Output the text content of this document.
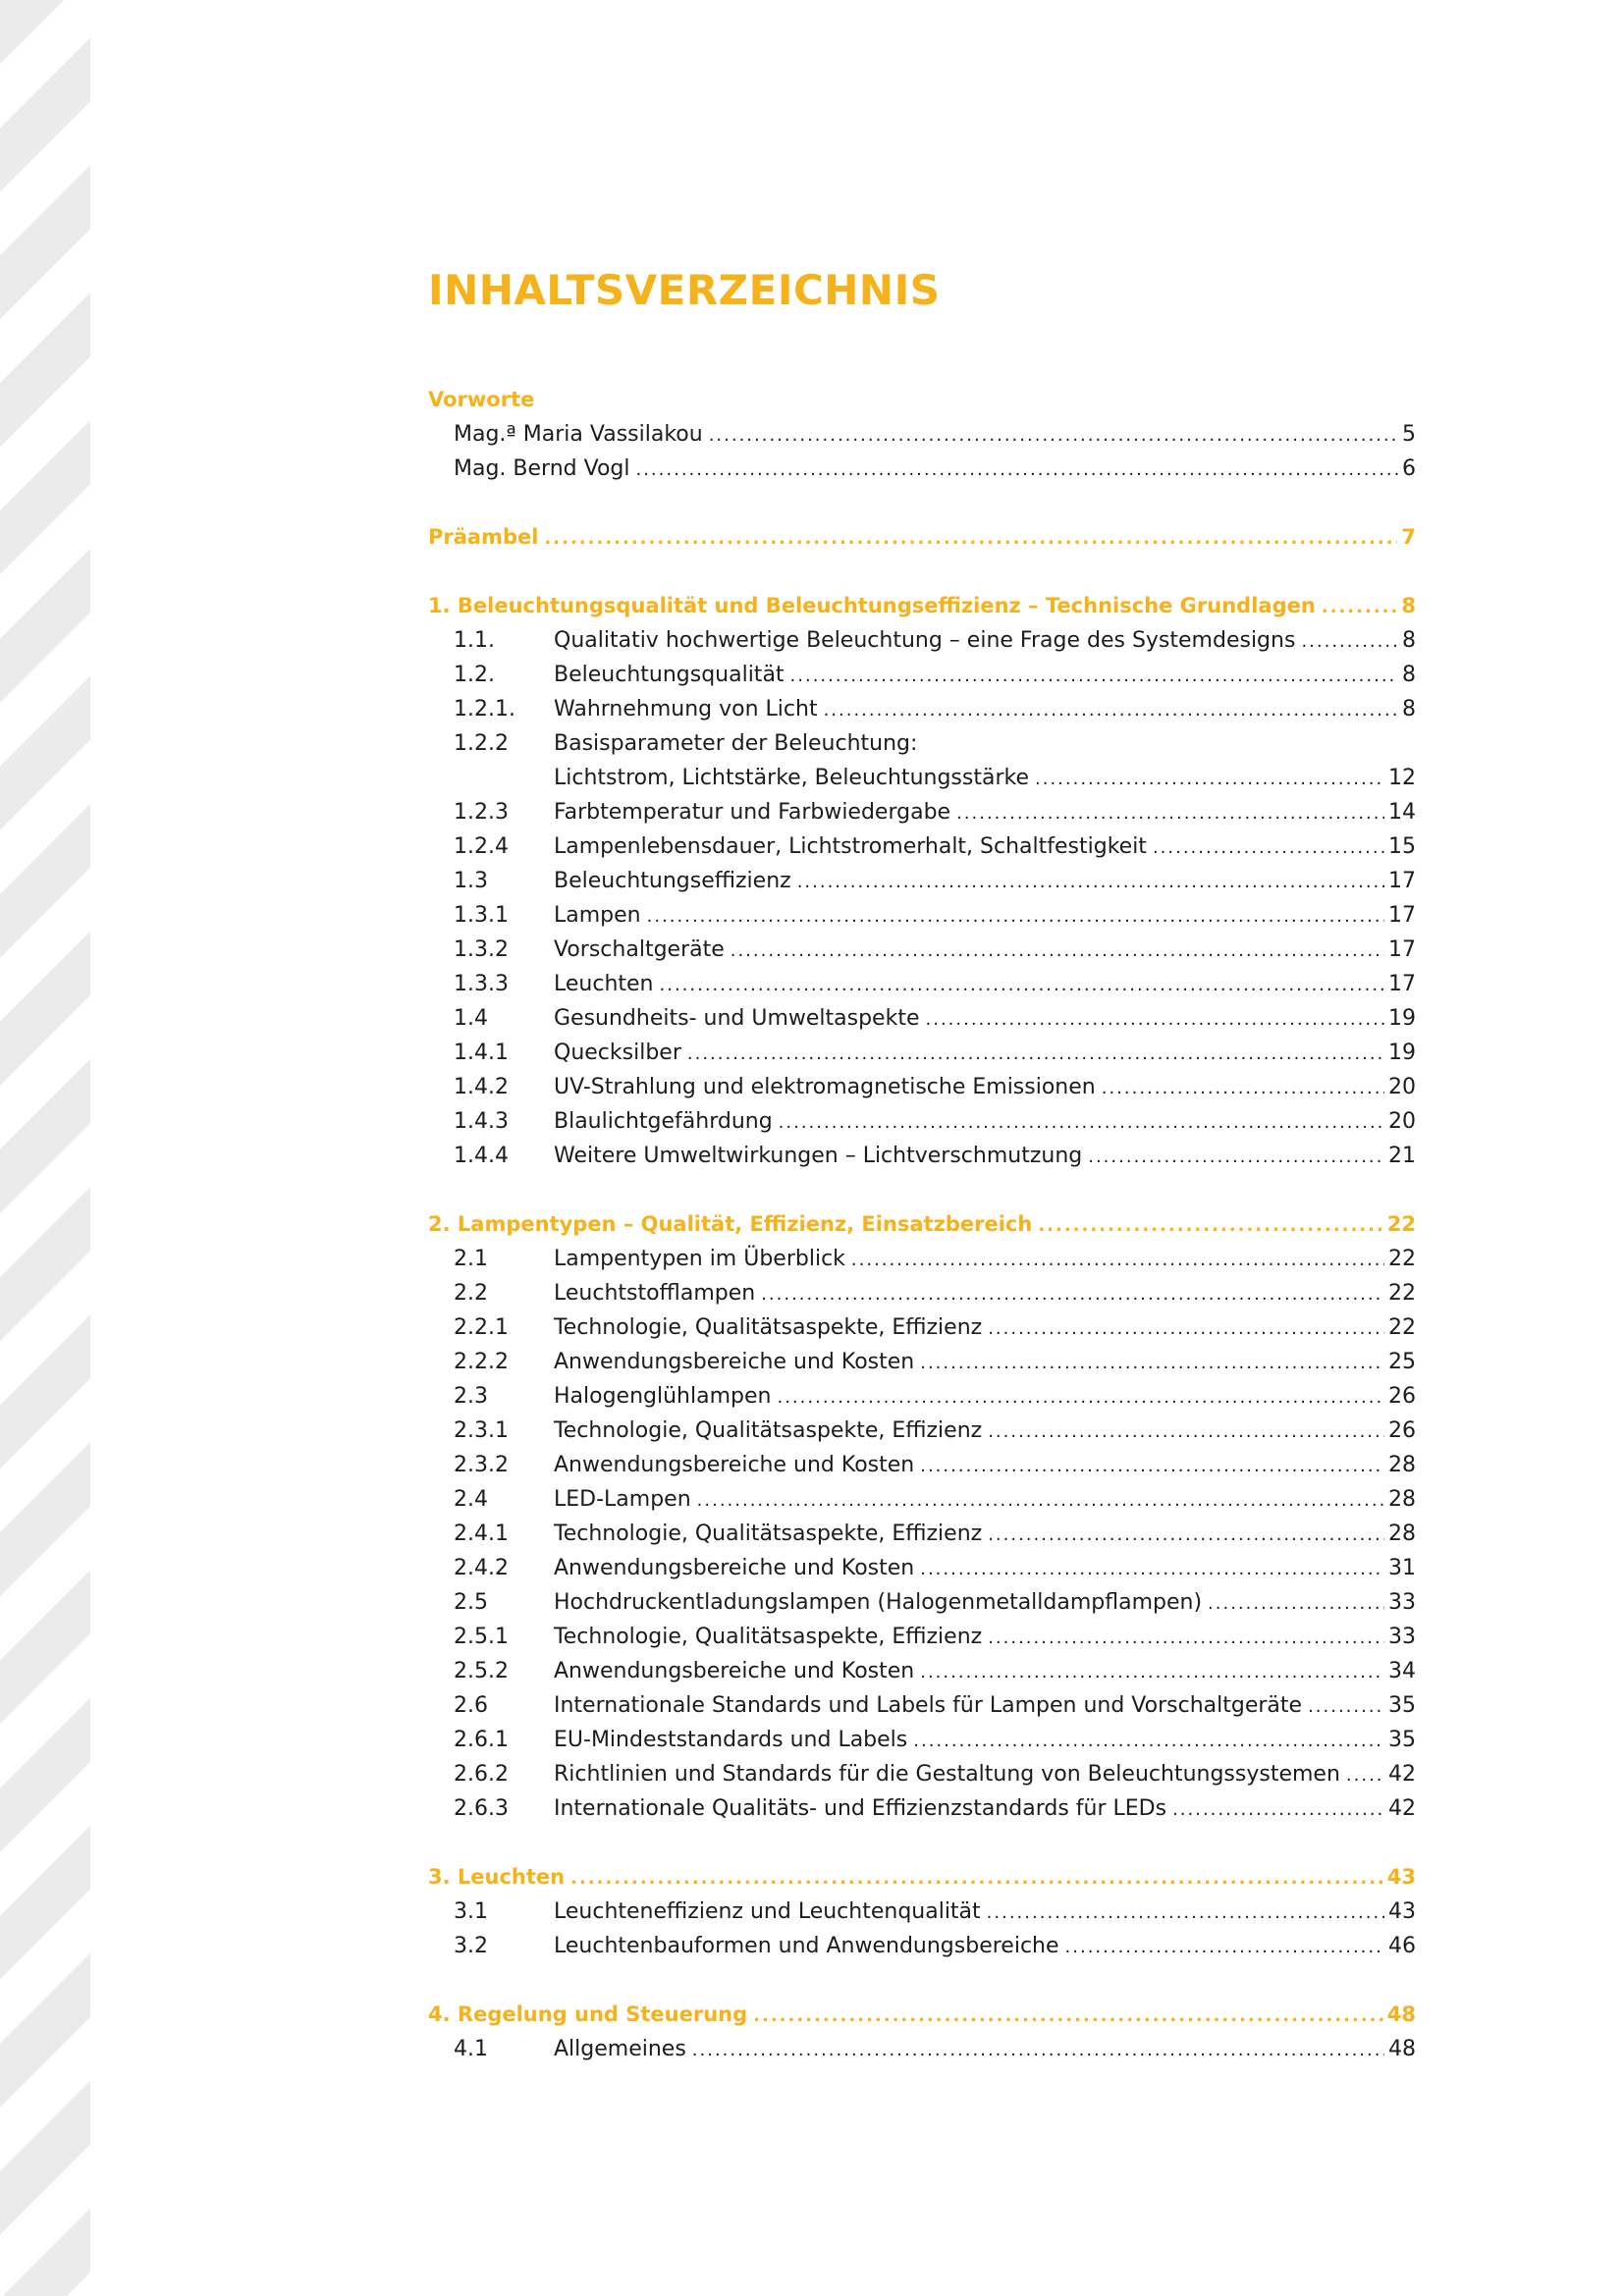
INHALTSVERZEICHNIS
Vorworte
Mag.ª Maria Vassilakou .....	5
Mag. Bernd Vogl .....	6
Präambel .....	7
1. Beleuchtungsqualität und Beleuchtungseffizienz – Technische Grundlagen .....	8
1.1.	Qualitativ hochwertige Beleuchtung – eine Frage des Systemdesigns .....	8
1.2.	Beleuchtungsqualität .....	8
1.2.1. Wahrnehmung von Licht .....	8
1.2.2 Basisparameter der Beleuchtung:
Lichtstrom, Lichtstärke, Beleuchtungsstärke .....	12
1.2.3 Farbtemperatur und Farbwiedergabe .....	14
1.2.4 Lampenlebensdauer, Lichtstromerhalt, Schaltfestigkeit .....	15
1.3	Beleuchtungseffizienz .....	17
1.3.1 Lampen .....	17
1.3.2 Vorschaltgeräte .....	17
1.3.3 Leuchten .....	17
1.4	Gesundheits- und Umweltaspekte .....	19
1.4.1 Quecksilber .....	19
1.4.2 UV-Strahlung und elektromagnetische Emissionen .....	20
1.4.3 Blaulichtgefährdung .....	20
1.4.4 Weitere Umweltwirkungen – Lichtverschmutzung .....	21
2. Lampentypen – Qualität, Effizienz, Einsatzbereich .....	22
2.1	Lampentypen im Überblick .....	22
2.2	Leuchtstofflampen .....	22
2.2.1 Technologie, Qualitätsaspekte, Effizienz .....	22
2.2.2 Anwendungsbereiche und Kosten .....	25
2.3	Halogenglühlampen .....	26
2.3.1 Technologie, Qualitätsaspekte, Effizienz .....	26
2.3.2 Anwendungsbereiche und Kosten .....	28
2.4	LED-Lampen .....	28
2.4.1 Technologie, Qualitätsaspekte, Effizienz .....	28
2.4.2 Anwendungsbereiche und Kosten .....	31
2.5	Hochdruckentladungslampen (Halogenmetalldampflampen) .....	33
2.5.1 Technologie, Qualitätsaspekte, Effizienz .....	33
2.5.2 Anwendungsbereiche und Kosten .....	34
2.6	Internationale Standards und Labels für Lampen und Vorschaltgeräte .....	35
2.6.1 EU-Mindeststandards und Labels .....	35
2.6.2 Richtlinien und Standards für die Gestaltung von Beleuchtungssystemen ..... 42
2.6.3 Internationale Qualitäts- und Effizienzstandards für LEDs .....	42
3. Leuchten .....	43
3.1	Leuchteneffizienz und Leuchtenqualität .....	43
3.2	Leuchtenbauformen und Anwendungsbereiche .....	46
4. Regelung und Steuerung .....	48
4.1	Allgemeines .....	48
